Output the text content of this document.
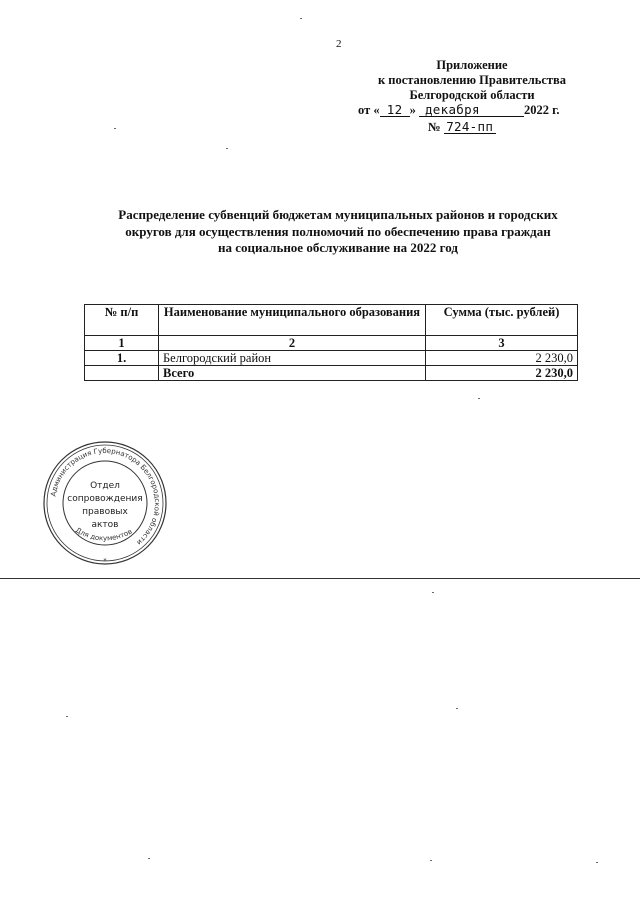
2
Приложение
к постановлению Правительства
Белгородской области
от « 12 » декабря	2022 г.
№ 724-пп
Распределение субвенций бюджетам муниципальных районов и городских
округов для осуществления полномочий по обеспечению права граждан
на социальное обслуживание на 2022 год
№ п/п	Наименование муниципального образования	Сумма (тыс. рублей)
1	2	3
1.	Белгородский район	2 230,0
	Всего	2 230,0
Администрация Губернатора Белгородской области
Для документов
Отдел
сопровождения
правовых
актов
*
